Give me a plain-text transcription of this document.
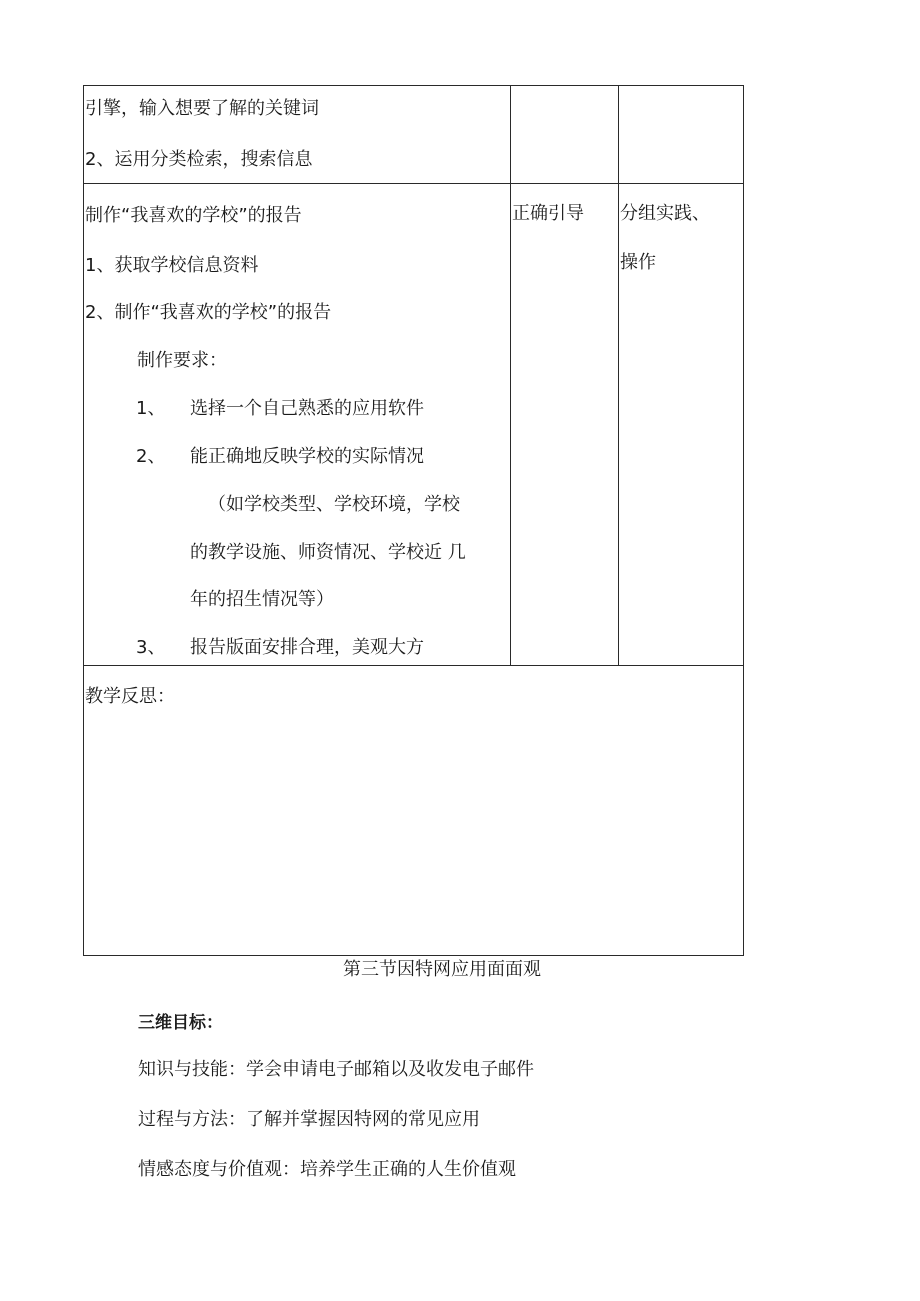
引擎，输入想要了解的关键词
2、运用分类检索，搜索信息
制作“我喜欢的学校”的报告
1、获取学校信息资料
2、制作“我喜欢的学校”的报告
制作要求：
1、 选择一个自己熟悉的应用软件
2、 能正确地反映学校的实际情况
（如学校类型、学校环境，学校
的教学设施、师资情况、学校近 几
年的招生情况等）
3、 报告版面安排合理，美观大方
正确引导 分组实践、
操作
教学反思：
第三节因特网应用面面观
三维目标：
知识与技能：学会申请电子邮箱以及收发电子邮件
过程与方法：了解并掌握因特网的常见应用
情感态度与价值观：培养学生正确的人生价值观
